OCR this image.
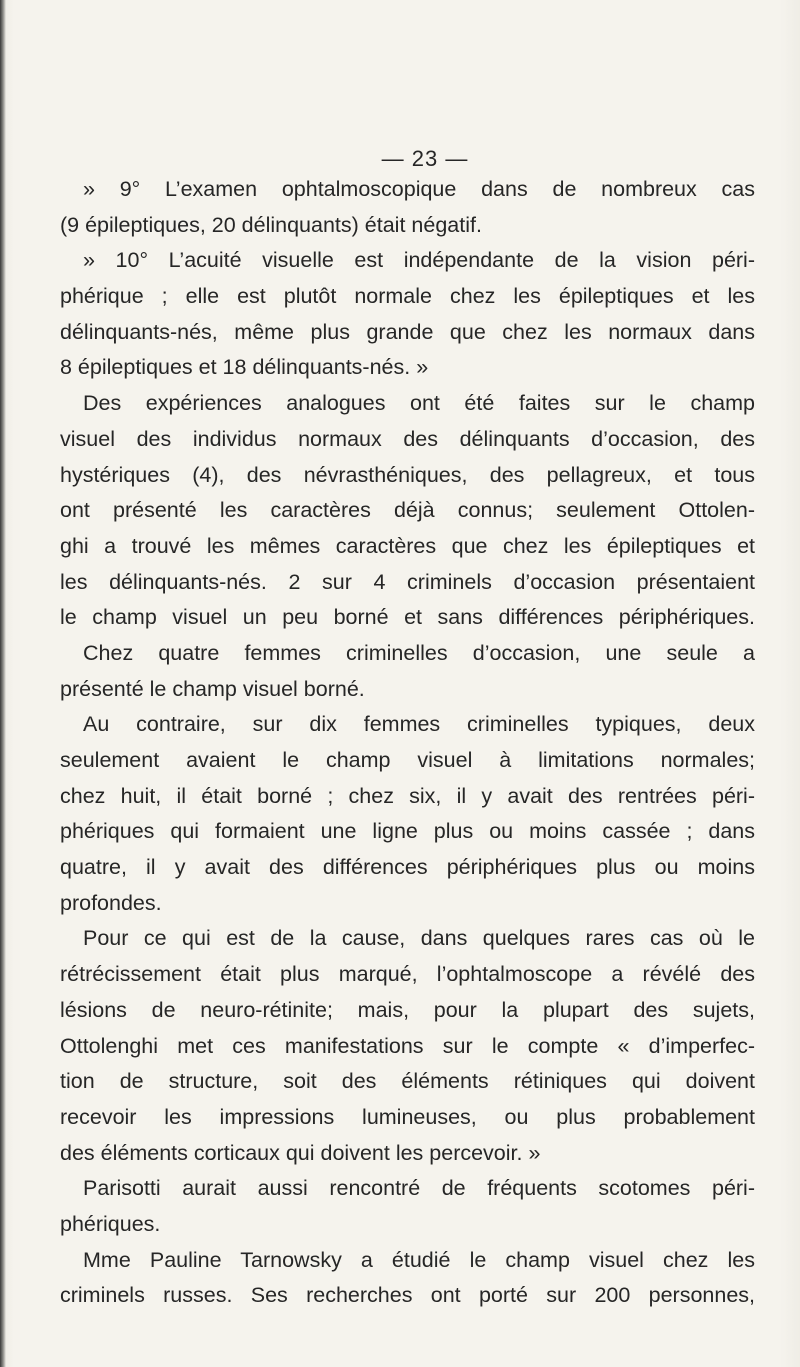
— 23 —
» 9° L’examen ophtalmoscopique dans de nombreux cas
(9 épileptiques, 20 délinquants) était négatif.
» 10° L’acuité visuelle est indépendante de la vision péri-
phérique ; elle est plutôt normale chez les épileptiques et les
délinquants-nés, même plus grande que chez les normaux dans
8 épileptiques et 18 délinquants-nés. »
Des expériences analogues ont été faites sur le champ
visuel des individus normaux des délinquants d’occasion, des
hystériques (4), des névrasthéniques, des pellagreux, et tous
ont présenté les caractères déjà connus; seulement Ottolen-
ghi a trouvé les mêmes caractères que chez les épileptiques et
les délinquants-nés. 2 sur 4 criminels d’occasion présentaient
le champ visuel un peu borné et sans différences périphériques.
Chez quatre femmes criminelles d’occasion, une seule a
présenté le champ visuel borné.
Au contraire, sur dix femmes criminelles typiques, deux
seulement avaient le champ visuel à limitations normales;
chez huit, il était borné ; chez six, il y avait des rentrées péri-
phériques qui formaient une ligne plus ou moins cassée ; dans
quatre, il y avait des différences périphériques plus ou moins
profondes.
Pour ce qui est de la cause, dans quelques rares cas où le
rétrécissement était plus marqué, l’ophtalmoscope a révélé des
lésions de neuro-rétinite; mais, pour la plupart des sujets,
Ottolenghi met ces manifestations sur le compte « d’imperfec-
tion de structure, soit des éléments rétiniques qui doivent
recevoir les impressions lumineuses, ou plus probablement
des éléments corticaux qui doivent les percevoir. »
Parisotti aurait aussi rencontré de fréquents scotomes péri-
phériques.
Mme Pauline Tarnowsky a étudié le champ visuel chez les
criminels russes. Ses recherches ont porté sur 200 personnes,
